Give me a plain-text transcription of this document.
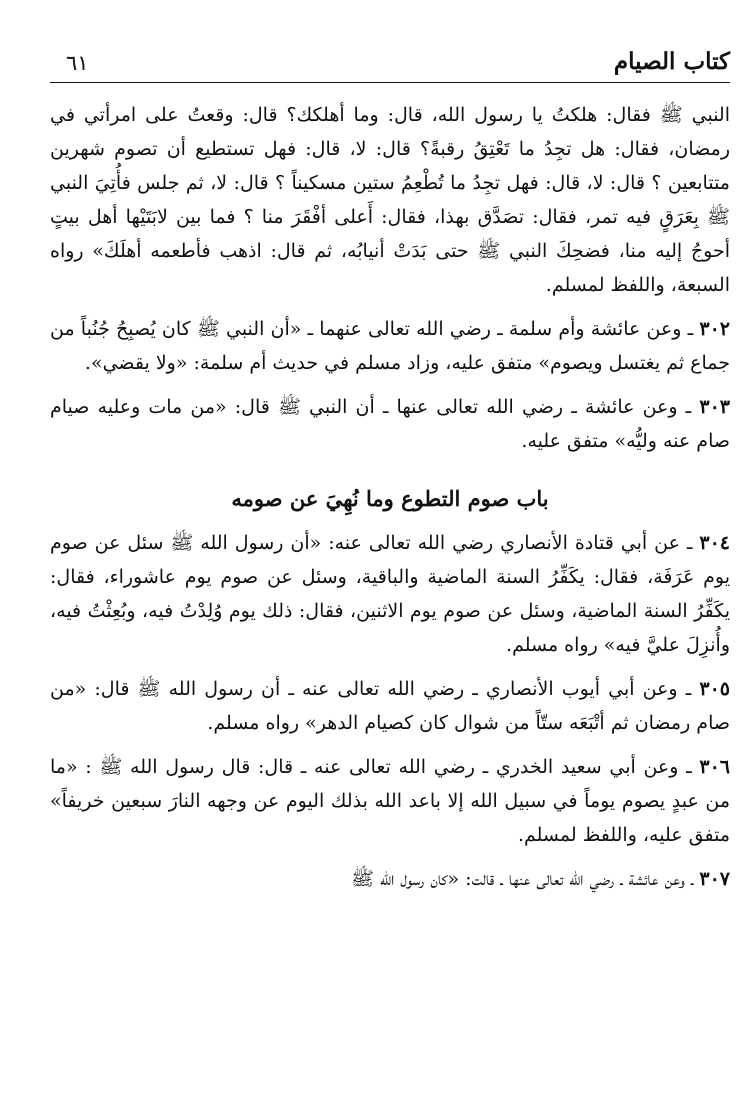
كتاب الصيام
٦١

النبي ﷺ فقال: هلكتُ يا رسول الله، قال: وما أهلكك؟ قال: وقعتُ على امرأتي في رمضان، فقال: هل تجِدُ ما تَعْتِقُ رقبةً؟ قال: لا، قال: فهل تستطيع أن تصوم شهرين متتابعين ؟ قال: لا، قال: فهل تجِدُ ما تُطْعِمُ ستين مسكيناً ؟ قال: لا، ثم جلس فأُتِيَ النبي ﷺ بِعَرَقٍ فيه تمر، فقال: تصَدَّق بهذا، فقال: أَعلى أفْقَرَ منا ؟ فما بين لابَتَيْها أهل بيتٍ أحوجُ إليه منا، فضحِكَ النبي ﷺ حتى بَدَتْ أنيابُه، ثم قال: اذهب فأطعمه أهلَكَ» رواه السبعة، واللفظ لمسلم.

٣٠٢ ـ وعن عائشة وأم سلمة ـ رضي الله تعالى عنهما ـ «أن النبي ﷺ كان يُصبِحُ جُنُباً من جماع ثم يغتسل ويصوم» متفق عليه، وزاد مسلم في حديث أم سلمة: «ولا يقضي».

٣٠٣ ـ وعن عائشة ـ رضي الله تعالى عنها ـ أن النبي ﷺ قال: «من مات وعليه صيام صام عنه وليُّه» متفق عليه.

باب صوم التطوع وما نُهِيَ عن صومه

٣٠٤ ـ عن أبي قتادة الأنصاري رضي الله تعالى عنه: «أن رسول الله ﷺ سئل عن صوم يوم عَرَفَة، فقال: يكَفِّرُ السنة الماضية والباقية، وسئل عن صوم يوم عاشوراء، فقال: يكَفِّرُ السنة الماضية، وسئل عن صوم يوم الاثنين، فقال: ذلك يوم وُلِدْتُ فيه، وبُعِثْتُ فيه، وأُنزِلَ عليَّ فيه» رواه مسلم.

٣٠٥ ـ وعن أبي أيوب الأنصاري ـ رضي الله تعالى عنه ـ أن رسول الله ﷺ قال: «من صام رمضان ثم أتْبَعَه ستّاً من شوال كان كصيام الدهر» رواه مسلم.

٣٠٦ ـ وعن أبي سعيد الخدري ـ رضي الله تعالى عنه ـ قال: قال رسول الله ﷺ : «ما من عبدٍ يصوم يوماً في سبيل الله إلا باعد الله بذلك اليوم عن وجهه النارَ سبعين خريفاً» متفق عليه، واللفظ لمسلم.

٣٠٧ ـ وعن عائشة ـ رضي الله تعالى عنها ـ قالت: «كان رسول الله ﷺ
